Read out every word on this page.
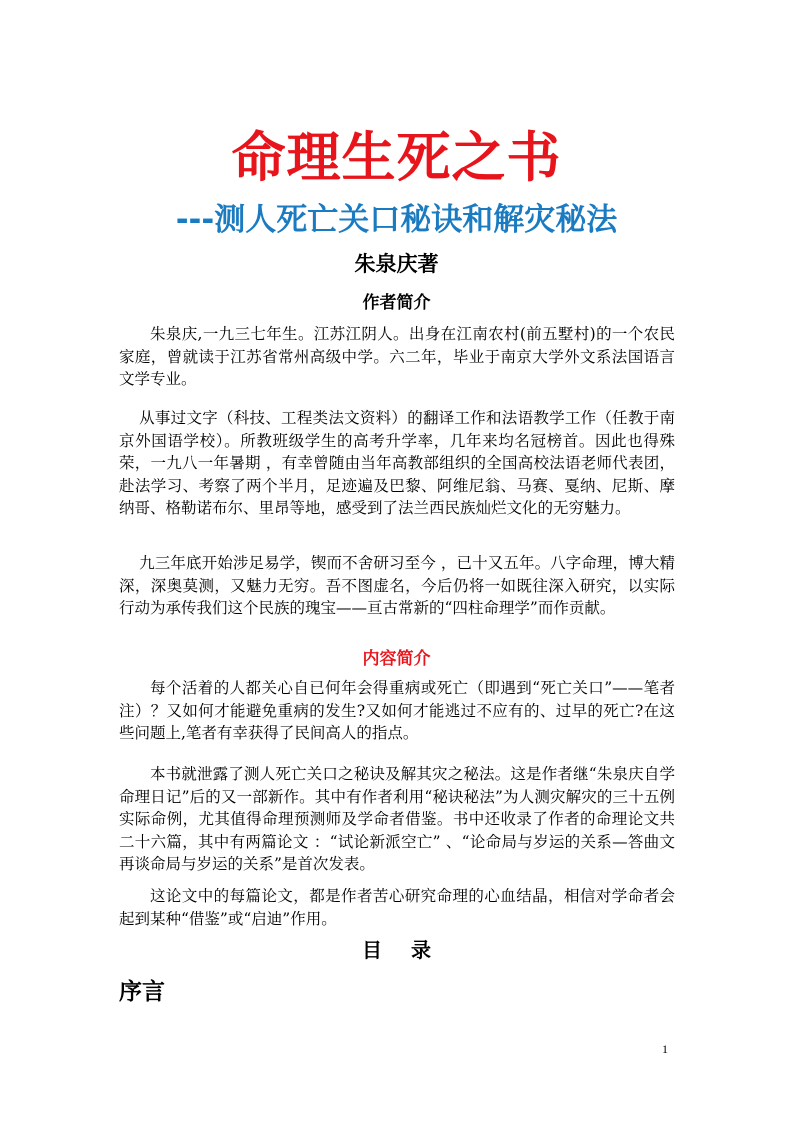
命理生死之书
---测人死亡关口秘诀和解灾秘法
朱泉庆著
作者简介

朱泉庆,一九三七年生。江苏江阴人。出身在江南农村(前五墅村)的一个农民家庭，曾就读于江苏省常州高级中学。六二年，毕业于南京大学外文系法国语言文学专业。

从事过文字（科技、工程类法文资料）的翻译工作和法语教学工作（任教于南京外国语学校）。所教班级学生的高考升学率，几年来均名冠榜首。因此也得殊荣，一九八一年暑期 ，有幸曾随由当年高教部组织的全国高校法语老师代表团，赴法学习、考察了两个半月，足迹遍及巴黎、阿维尼翁、马赛、戛纳、尼斯、摩纳哥、格勒诺布尔、里昂等地，感受到了法兰西民族灿烂文化的无穷魅力。

九三年底开始涉足易学，锲而不舍研习至今 ，已十又五年。八字命理，博大精深，深奥莫测，又魅力无穷。吾不图虚名，今后仍将一如既往深入研究，以实际行动为承传我们这个民族的瑰宝——亘古常新的“四柱命理学”而作贡献。

内容简介

每个活着的人都关心自已何年会得重病或死亡（即遇到“死亡关口”——笔者注）？又如何才能避免重病的发生?又如何才能逃过不应有的、过早的死亡?在这些问题上,笔者有幸获得了民间高人的指点。

本书就泄露了测人死亡关口之秘诀及解其灾之秘法。这是作者继“朱泉庆自学命理日记”后的又一部新作。其中有作者利用“秘诀秘法”为人测灾解灾的三十五例实际命例，尤其值得命理预测师及学命者借鉴。书中还收录了作者的命理论文共二十六篇，其中有两篇论文 ：“试论新派空亡” 、“论命局与岁运的关系—答曲文再谈命局与岁运的关系”是首次发表。

这论文中的每篇论文，都是作者苦心研究命理的心血结晶，相信对学命者会起到某种“借鉴”或“启迪”作用。

目 录
序言
1
